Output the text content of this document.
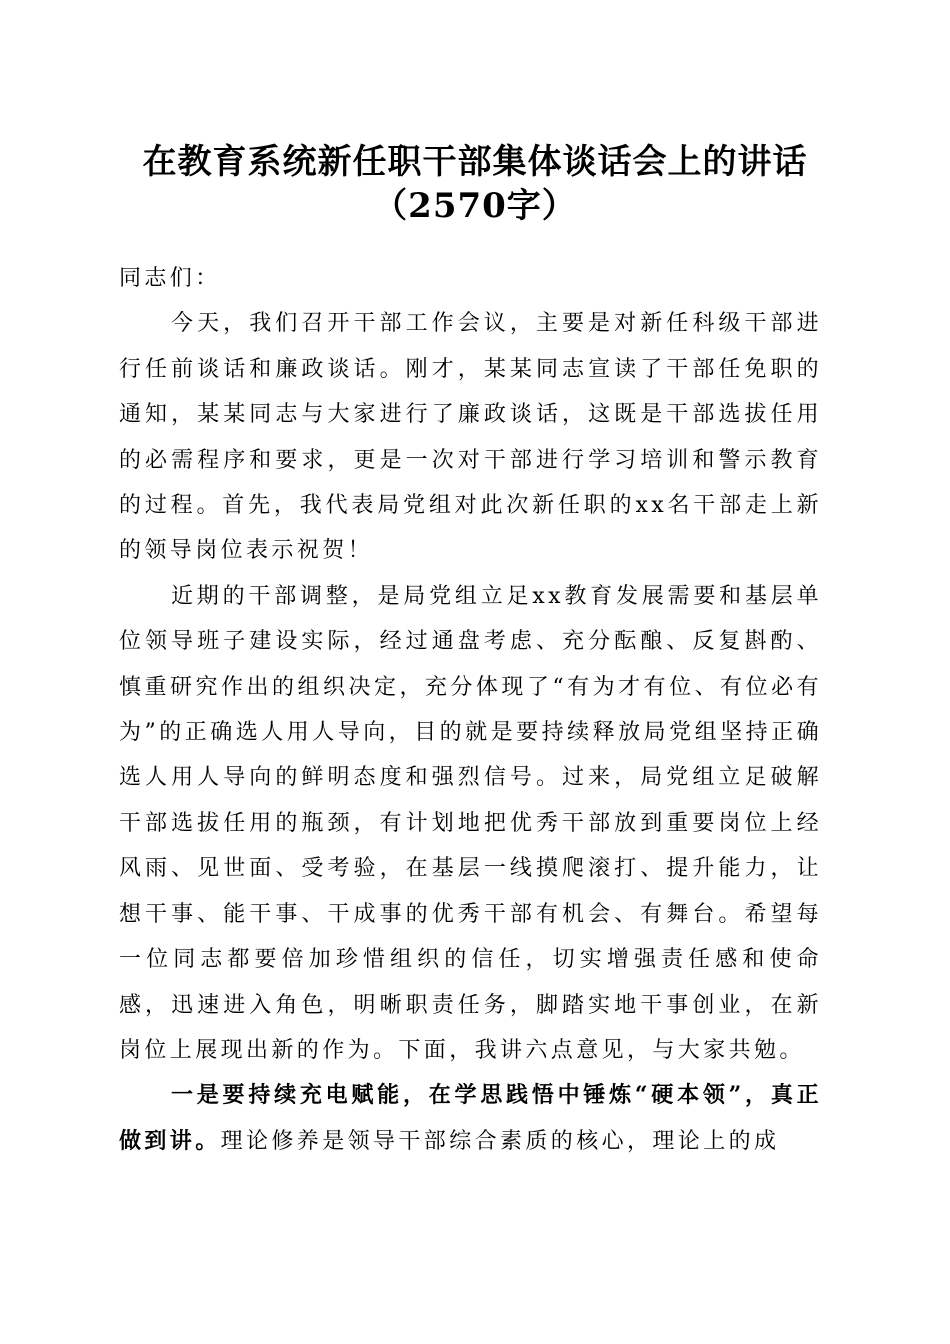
在教育系统新任职干部集体谈话会上的讲话
（2570字）

同志们：

今天，我们召开干部工作会议，主要是对新任科级干部进行任前谈话和廉政谈话。刚才，某某同志宣读了干部任免职的通知，某某同志与大家进行了廉政谈话，这既是干部选拔任用的必需程序和要求，更是一次对干部进行学习培训和警示教育的过程。首先，我代表局党组对此次新任职的xx名干部走上新的领导岗位表示祝贺！

近期的干部调整，是局党组立足xx教育发展需要和基层单位领导班子建设实际，经过通盘考虑、充分酝酿、反复斟酌、慎重研究作出的组织决定，充分体现了“有为才有位、有位必有为”的正确选人用人导向，目的就是要持续释放局党组坚持正确选人用人导向的鲜明态度和强烈信号。过来，局党组立足破解干部选拔任用的瓶颈，有计划地把优秀干部放到重要岗位上经风雨、见世面、受考验，在基层一线摸爬滚打、提升能力，让想干事、能干事、干成事的优秀干部有机会、有舞台。希望每一位同志都要倍加珍惜组织的信任，切实增强责任感和使命感，迅速进入角色，明晰职责任务，脚踏实地干事创业，在新岗位上展现出新的作为。下面，我讲六点意见，与大家共勉。

一是要持续充电赋能，在学思践悟中锤炼“硬本领”，真正做到讲。理论修养是领导干部综合素质的核心，理论上的成
